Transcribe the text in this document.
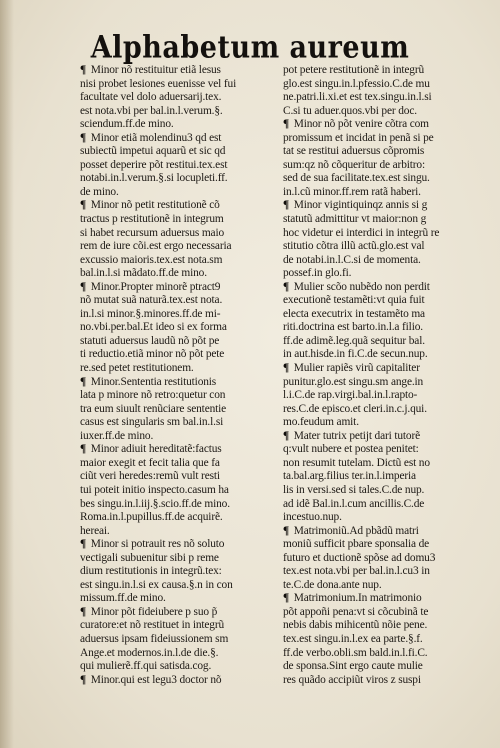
Alphabetum aureum
¶ Minor nõ restituitur etiã lesus
nisi probet lesiones euenisse vel fui
facultate vel dolo aduersarij.tex.
est nota.vbi per bal.in.l.verum.§.
sciendum.ff.de mino.
¶ Minor etiã molendinu3 qd est
subiectũ impetui aquarũ et sic qd
posset deperire põt restitui.tex.est
notabi.in.l.verum.§.si locupleti.ff.
de mino.
¶ Minor nõ petit restitutionẽ cõ
tractus p restitutionẽ in integrum
si habet recursum aduersus maio
rem de iure cõi.est ergo necessaria
excussio maioris.tex.est nota.sm
bal.in.l.si mãdato.ff.de mino.
¶ Minor.Propter minorẽ ptract9
nõ mutat suã naturã.tex.est nota.
in.l.si minor.§.minores.ff.de mi-
no.vbi.per.bal.Et ideo si ex forma
statuti aduersus laudũ nõ põt pe
ti reductio.etiã minor nõ põt pete
re.sed petet restitutionem.
¶ Minor.Sententia restitutionis
lata p minore nõ retro:quetur con
tra eum siuult renũciare sententie
casus est singularis sm bal.in.l.si
iuxer.ff.de mino.
¶ Minor adiuit hereditatẽ:factus
maior exegit et fecit talia que fa
ciũt veri heredes:remũ vult resti
tui poteit initio inspecto.casum ha
bes singu.in.l.iij.§.scio.ff.de mino.
Roma.in.l.pupillus.ff.de acquirẽ.
hereai.
¶ Minor si potrauit res nõ soluto
vectigali subuenitur sibi p reme
dium restitutionis in integrũ.tex:
est singu.in.l.si ex causa.§.n in con
missum.ff.de mino.
¶ Minor põt fideiubere p suo p̃
curatore:et nõ restituet in integrũ
aduersus ipsam fideiussionem sm
Ange.et modernos.in.l.de die.§.
qui mulierẽ.ff.qui satisda.cog.
¶ Minor.qui est legu3 doctor nõ
pot petere restitutionẽ in integrũ
glo.est singu.in.l.pfessio.C.de mu
ne.patri.li.xi.et est tex.singu.in.l.si
C.si tu aduer.quos.vbi per doc.
¶ Minor nõ põt venire cõtra com
promissum et incidat in penã si pe
tat se restitui aduersus cõpromis
sum:qz nõ cõqueritur de arbitro:
sed de sua facilitate.tex.est singu.
in.l.cũ minor.ff.rem ratã haberi.
¶ Minor vigintiquinqz annis si g
statutũ admittitur vt maior:non g
hoc videtur ei interdici in integrũ re
stitutio cõtra illũ actũ.glo.est val
de notabi.in.l.C.si de momenta.
possef.in glo.fi.
¶ Mulier scõo nubẽdo non perdit
executionẽ testamẽti:vt quia fuit
electa executrix in testamẽto ma
riti.doctrina est barto.in.l.a filio.
ff.de adimẽ.leg.quã sequitur bal.
in aut.hisde.in fi.C.de secun.nup.
¶ Mulier rapiẽs virũ capitaliter
punitur.glo.est singu.sm ange.in
l.i.C.de rap.virgi.bal.in.l.rapto-
res.C.de episco.et cleri.in.c.j.qui.
mo.feudum amit.
¶ Mater tutrix petijt dari tutorẽ
q:vult nubere et postea penitet:
non resumit tutelam. Dictũ est no
ta.bal.arg.filius ter.in.l.imperia
lis in versi.sed si tales.C.de nup.
ad idẽ Bal.in.l.cum ancillis.C.de
incestuo.nup.
¶ Matrimoniũ.Ad pbãdũ matri
moniũ sufficit pbare sponsalia de
futuro et ductionẽ spõse ad domu3
tex.est nota.vbi per bal.in.l.cu3 in
te.C.de dona.ante nup.
¶ Matrimonium.In matrimonio
põt appoñi pena:vt si cõcubinã te
nebis dabis mihicentũ nõie pene.
tex.est singu.in.l.ex ea parte.§.f.
ff.de verbo.obli.sm bald.in.l.fi.C.
de sponsa.Sint ergo caute mulie
res quãdo accipiũt viros z suspi
